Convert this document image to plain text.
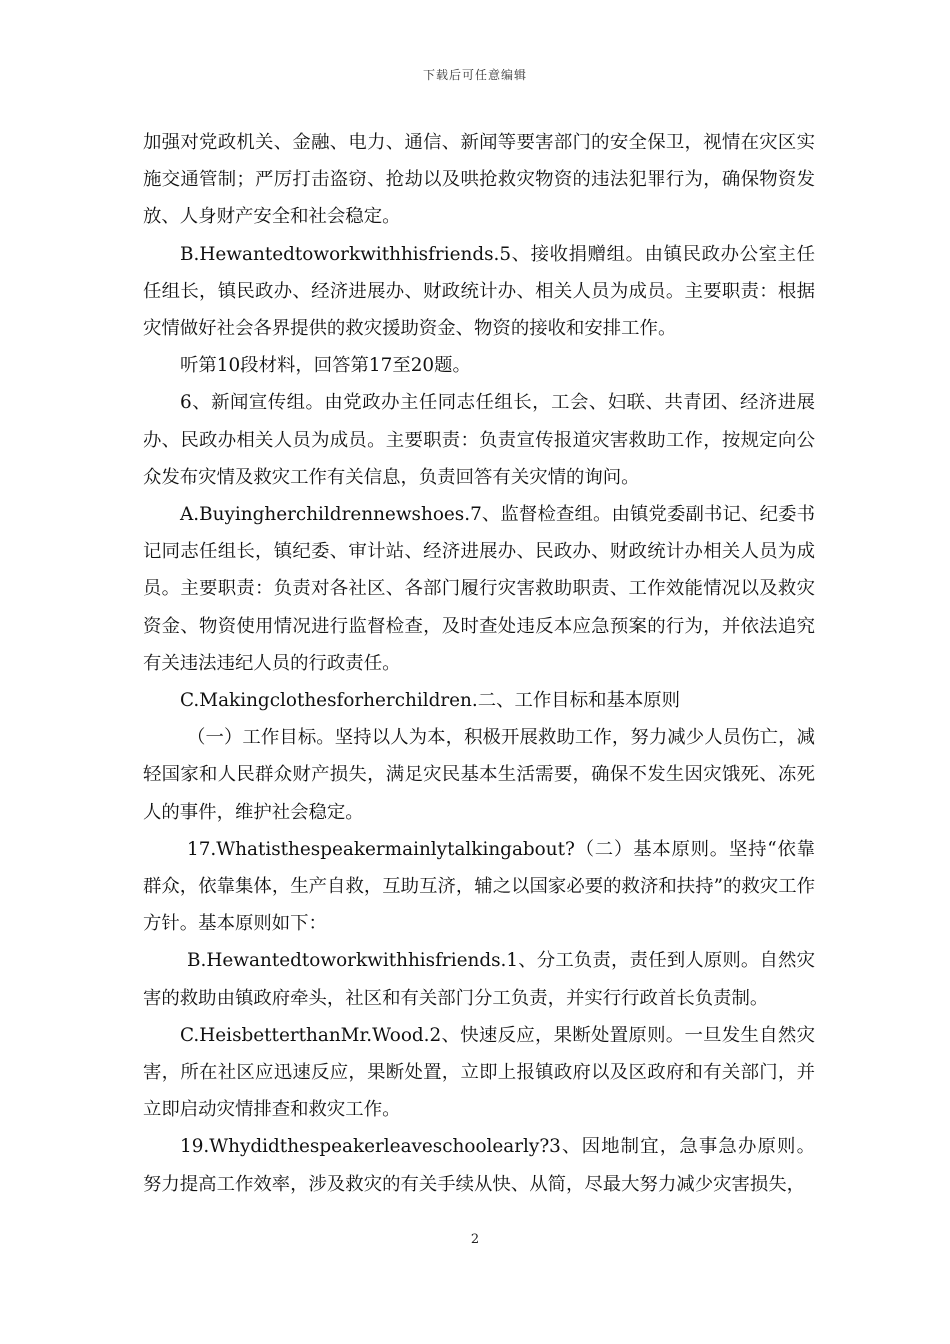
下载后可任意编辑

加强对党政机关、金融、电力、通信、新闻等要害部门的安全保卫，视情在灾区实施交通管制；严厉打击盗窃、抢劫以及哄抢救灾物资的违法犯罪行为，确保物资发放、人身财产安全和社会稳定。

B.Hewantedtoworkwithhisfriends.5、接收捐赠组。由镇民政办公室主任任组长，镇民政办、经济进展办、财政统计办、相关人员为成员。主要职责：根据灾情做好社会各界提供的救灾援助资金、物资的接收和安排工作。

听第10段材料，回答第17至20题。

6、新闻宣传组。由党政办主任同志任组长，工会、妇联、共青团、经济进展办、民政办相关人员为成员。主要职责：负责宣传报道灾害救助工作，按规定向公众发布灾情及救灾工作有关信息，负责回答有关灾情的询问。

A.Buyingherchildrennewshoes.7、监督检查组。由镇党委副书记、纪委书记同志任组长，镇纪委、审计站、经济进展办、民政办、财政统计办相关人员为成员。主要职责：负责对各社区、各部门履行灾害救助职责、工作效能情况以及救灾资金、物资使用情况进行监督检查，及时查处违反本应急预案的行为，并依法追究有关违法违纪人员的行政责任。

C.Makingclothesforherchildren.二、工作目标和基本原则

（一）工作目标。坚持以人为本，积极开展救助工作，努力减少人员伤亡，减轻国家和人民群众财产损失，满足灾民基本生活需要，确保不发生因灾饿死、冻死人的事件，维护社会稳定。

17.Whatisthespeakermainlytalkingabout?（二）基本原则。坚持“依靠群众，依靠集体，生产自救，互助互济，辅之以国家必要的救济和扶持”的救灾工作方针。基本原则如下：

B.Hewantedtoworkwithhisfriends.1、分工负责，责任到人原则。自然灾害的救助由镇政府牵头，社区和有关部门分工负责，并实行行政首长负责制。

C.HeisbetterthanMr.Wood.2、快速反应，果断处置原则。一旦发生自然灾害，所在社区应迅速反应，果断处置，立即上报镇政府以及区政府和有关部门，并立即启动灾情排查和救灾工作。

19.Whydidthespeakerleaveschoolearly?3、因地制宜，急事急办原则。努力提高工作效率，涉及救灾的有关手续从快、从简，尽最大努力减少灾害损失，

2
